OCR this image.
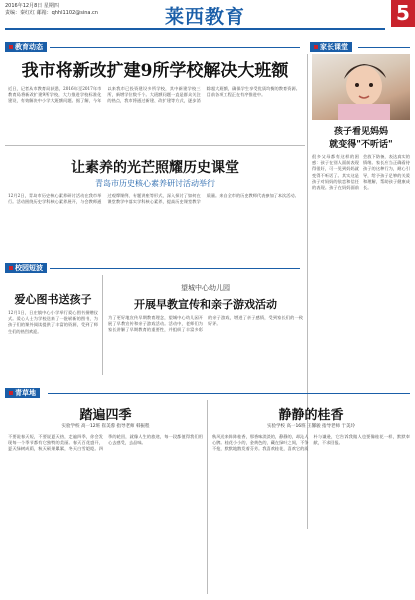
2016年12月8日 星期四
责编：秦红红 邮箱：qhhl1102@sina.cn	莱西教育	5
教育动态	家长课堂
我市将新改扩建9所学校解决大班额
近日，记者从市教育局获悉，2016年至2017年市教育局将新改扩建9所学校，大力推进学校标准化建设，有效解决中小学大班额问题。据了解，今年以来我市已投资建设多所学校，其中新建学校三所，新增学位数千个。大班额问题一直是群众关注的热点，我市将通过新建、改扩建等方式，逐步消除超大班额，确保学生享受优质均衡的教育资源。目前各项工程正在有序推进中。
孩子看见妈妈
就变得"不听话"
让素养的光芒照耀历史课堂
青岛市历史核心素养研讨活动举行
12月2日，青岛市历史核心素养研讨活动在我市举行。活动围绕历史学科核心素养展开，与会教师通过观摩课例、专题讲座等形式，深入探讨了如何在课堂教学中落实学科核心素养，提高历史课堂教学质量。来自全市的历史教师代表参加了本次活动。
很多父母都有这样的困惑：孩子在别人面前表现得很好，可一见到妈妈就变得不听话了。其实这是孩子对妈妈的依恋和信任的表现。孩子在妈妈面前会放下防备，表达真实的情绪。家长应当正确看待孩子的这种行为，耐心引导，给予孩子足够的关爱和理解，帮助孩子健康成长。
校园短波
爱心图书送孩子
12月1日，日庄镇中心小学举行爱心图书捐赠仪式。爱心人士为学校送来了一批崭新的图书，为孩子们的课外阅读提供了丰富的资源，受到了师生们的热烈欢迎。
望城中心幼儿园
开展早教宣传和亲子游戏活动
为了更好地宣传早期教育理念，望城中心幼儿园开展了早教宣传和亲子游戏活动。活动中，老师们为家长讲解了早期教育的重要性，并组织了丰富多彩的亲子游戏，增进了亲子感情，受到家长们的一致好评。
青草地
踏遍四季
实验学校 高一12班 崔美蓉 指导老师 韩振程
不要说春天短，不要说夏天热，走遍四季，你会发现每一个季节都有它独特的美丽。春天百花盛开，夏天绿树成荫，秋天硕果累累，冬天白雪皑皑。四季的轮回，就像人生的旅途，每一段都值得我们用心去感受，去品味。
静静的桂香
实验学校 高一16班 王馨骏 指导老师 于美玲
秋风送来阵阵桂香，那香味淡淡的，静静的，却沁人心脾。桂花小小的，金黄色的，藏在绿叶之间，不争不抢，默默地散发着芬芳。我喜欢桂花，喜欢它的质朴与谦逊，它告诉我做人也要像桂花一样，默默奉献，不求回报。
